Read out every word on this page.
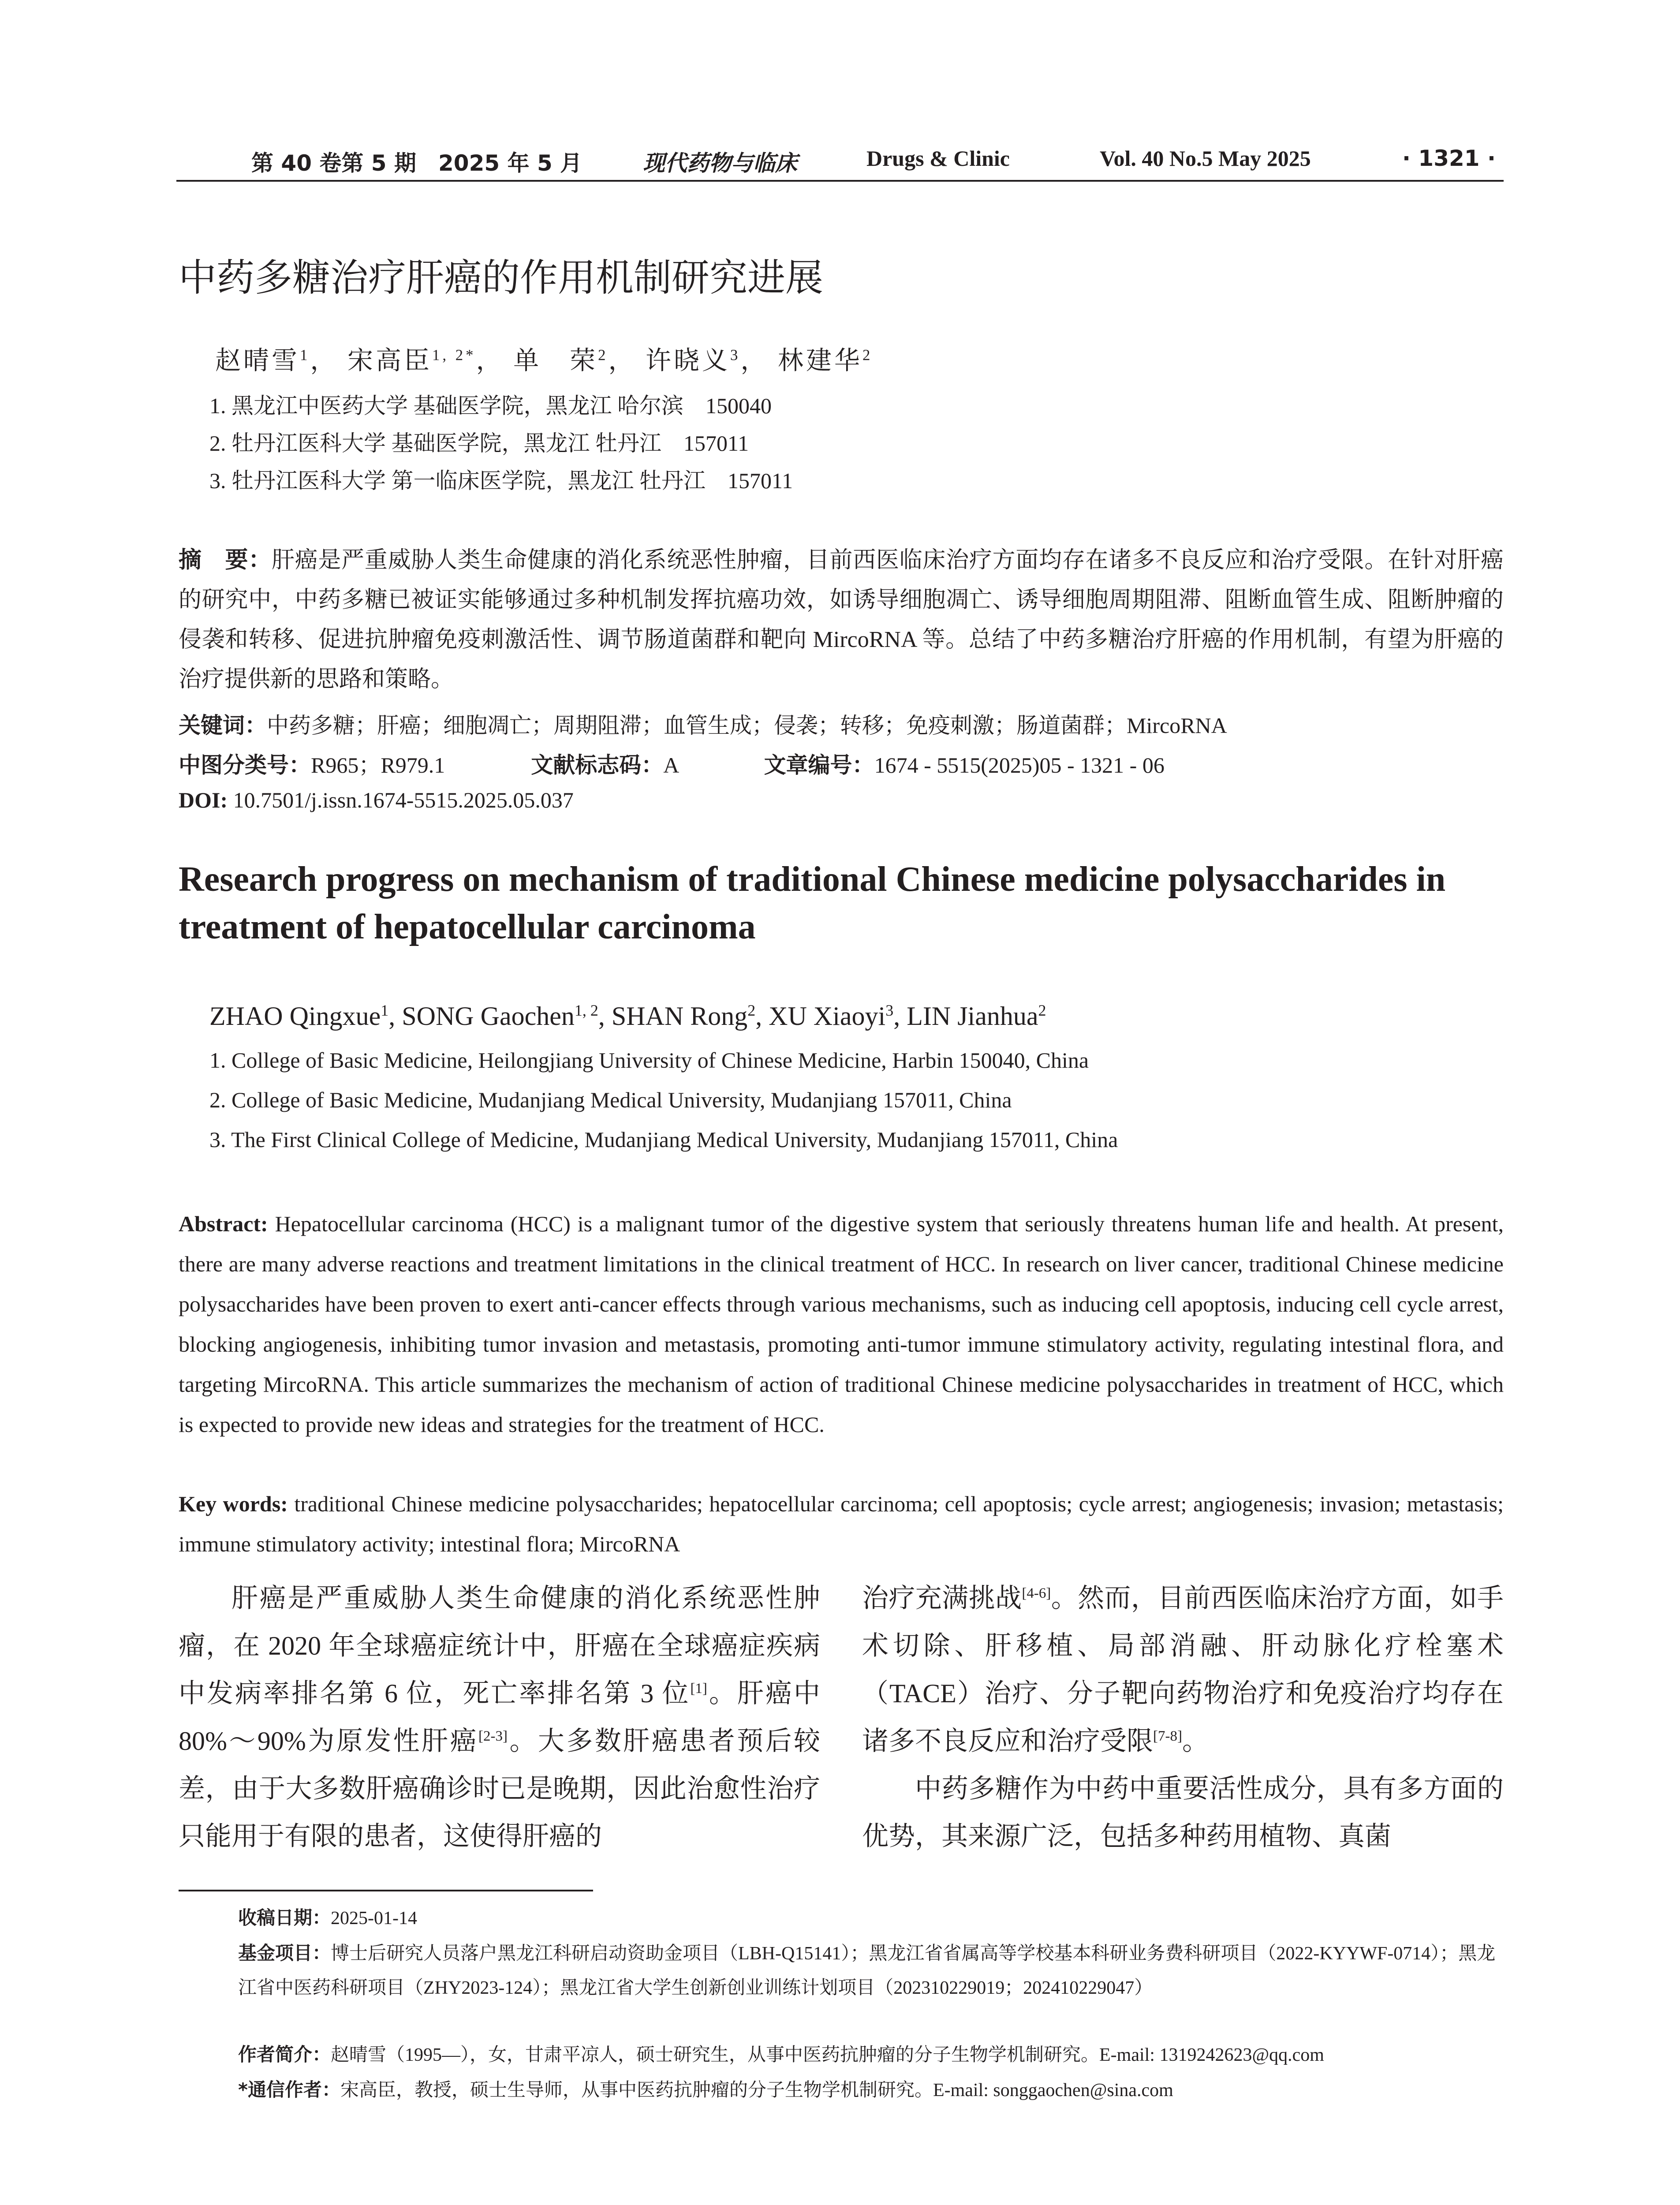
第 40 卷第 5 期　2025 年 5 月	现代药物与临床	Drugs & Clinic	Vol. 40 No.5 May 2025	· 1321 ·
中药多糖治疗肝癌的作用机制研究进展
赵晴雪$^1$， 宋高臣$^{1, 2*}$， 单　荣$^2$， 许晓义$^3$， 林建华$^2$
1. 黑龙江中医药大学 基础医学院，黑龙江 哈尔滨　150040
2. 牡丹江医科大学 基础医学院，黑龙江 牡丹江　157011
3. 牡丹江医科大学 第一临床医学院，黑龙江 牡丹江　157011
摘　要：肝癌是严重威胁人类生命健康的消化系统恶性肿瘤，目前西医临床治疗方面均存在诸多不良反应和治疗受限。在针对肝癌的研究中，中药多糖已被证实能够通过多种机制发挥抗癌功效，如诱导细胞凋亡、诱导细胞周期阻滞、阻断血管生成、阻断肿瘤的侵袭和转移、促进抗肿瘤免疫刺激活性、调节肠道菌群和靶向 MircoRNA 等。总结了中药多糖治疗肝癌的作用机制，有望为肝癌的治疗提供新的思路和策略。
关键词：中药多糖；肝癌；细胞凋亡；周期阻滞；血管生成；侵袭；转移；免疫刺激；肠道菌群；MircoRNA
中图分类号：R965；R979.1	文献标志码：A	文章编号：1674 - 5515(2025)05 - 1321 - 06
DOI: 10.7501/j.issn.1674-5515.2025.05.037
Research progress on mechanism of traditional Chinese medicine polysaccharides in treatment of hepatocellular carcinoma
ZHAO Qingxue$^1$, SONG Gaochen$^{1, 2}$, SHAN Rong$^2$, XU Xiaoyi$^3$, LIN Jianhua$^2$
1. College of Basic Medicine, Heilongjiang University of Chinese Medicine, Harbin 150040, China
2. College of Basic Medicine, Mudanjiang Medical University, Mudanjiang 157011, China
3. The First Clinical College of Medicine, Mudanjiang Medical University, Mudanjiang 157011, China
Abstract: Hepatocellular carcinoma (HCC) is a malignant tumor of the digestive system that seriously threatens human life and health. At present, there are many adverse reactions and treatment limitations in the clinical treatment of HCC. In research on liver cancer, traditional Chinese medicine polysaccharides have been proven to exert anti-cancer effects through various mechanisms, such as inducing cell apoptosis, inducing cell cycle arrest, blocking angiogenesis, inhibiting tumor invasion and metastasis, promoting anti-tumor immune stimulatory activity, regulating intestinal flora, and targeting MircoRNA. This article summarizes the mechanism of action of traditional Chinese medicine polysaccharides in treatment of HCC, which is expected to provide new ideas and strategies for the treatment of HCC.
Key words: traditional Chinese medicine polysaccharides; hepatocellular carcinoma; cell apoptosis; cycle arrest; angiogenesis; invasion; metastasis; immune stimulatory activity; intestinal flora; MircoRNA

肝癌是严重威胁人类生命健康的消化系统恶性肿瘤，在 2020 年全球癌症统计中，肝癌在全球癌症疾病中发病率排名第 6 位，死亡率排名第 3 位[1]。肝癌中 80%～90%为原发性肝癌[2-3]。大多数肝癌患者预后较差，由于大多数肝癌确诊时已是晚期，因此治愈性治疗只能用于有限的患者，这使得肝癌的

治疗充满挑战[4-6]。然而，目前西医临床治疗方面，如手术切除、肝移植、局部消融、肝动脉化疗栓塞术（TACE）治疗、分子靶向药物治疗和免疫治疗均存在诸多不良反应和治疗受限[7-8]。

中药多糖作为中药中重要活性成分，具有多方面的优势，其来源广泛，包括多种药用植物、真菌

收稿日期：2025-01-14
基金项目：博士后研究人员落户黑龙江科研启动资助金项目（LBH-Q15141）；黑龙江省省属高等学校基本科研业务费科研项目（2022-KYYWF-0714）；黑龙江省中医药科研项目（ZHY2023-124）；黑龙江省大学生创新创业训练计划项目（202310229019；202410229047）
作者简介：赵晴雪（1995—），女，甘肃平凉人，硕士研究生，从事中医药抗肿瘤的分子生物学机制研究。E-mail: 1319242623@qq.com
*通信作者：宋高臣，教授，硕士生导师，从事中医药抗肿瘤的分子生物学机制研究。E-mail: songgaochen@sina.com
